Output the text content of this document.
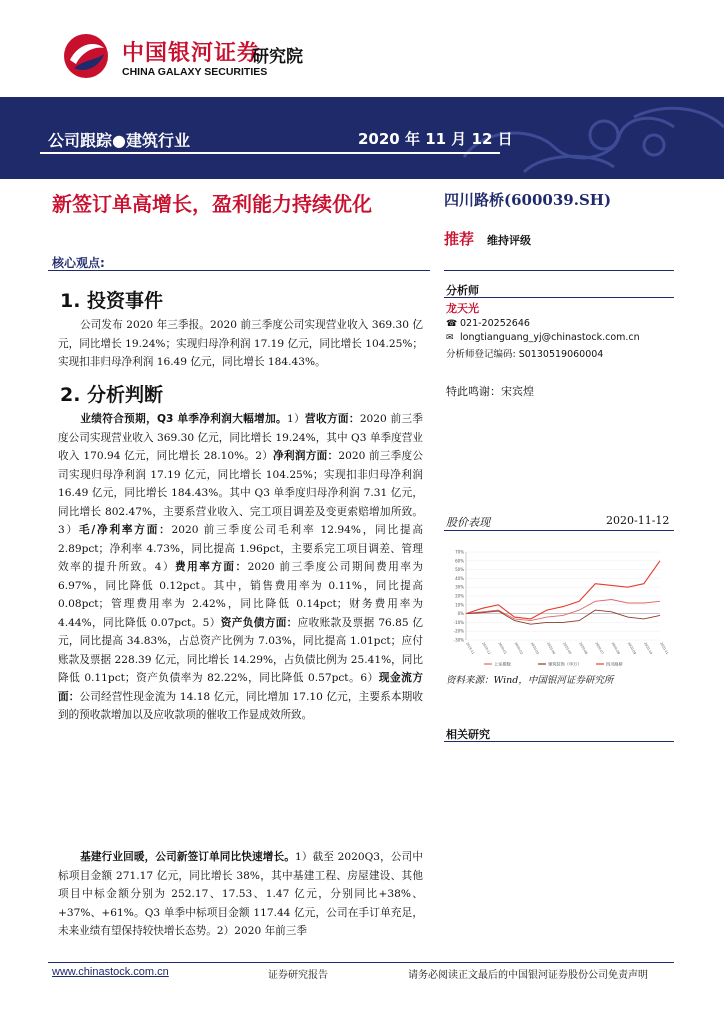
中国银河证券
CHINA GALAXY SECURITIES
研究院
公司跟踪●建筑行业	2020 年 11 月 12 日
新签订单高增长，盈利能力持续优化	四川路桥(600039.SH)
推荐 维持评级
核心观点:
1. 投资事件
公司发布 2020 年三季报。2020 前三季度公司实现营业收入 369.30 亿元，同比增长 19.24%；实现归母净利润 17.19 亿元，同比增长 104.25%；实现扣非归母净利润 16.49 亿元，同比增长 184.43%。
2. 分析判断
业绩符合预期，Q3 单季净利润大幅增加。1）营收方面：2020 前三季度公司实现营业收入 369.30 亿元，同比增长 19.24%，其中 Q3 单季度营业收入 170.94 亿元，同比增长 28.10%。2）净利润方面：2020 前三季度公司实现归母净利润 17.19 亿元，同比增长 104.25%；实现扣非归母净利润 16.49 亿元，同比增长 184.43%。其中 Q3 单季度归母净利润 7.31 亿元，同比增长 802.47%，主要系营业收入、完工项目调差及变更索赔增加所致。3）毛/净利率方面：2020 前三季度公司毛利率 12.94%，同比提高 2.89pct；净利率 4.73%，同比提高 1.96pct，主要系完工项目调差、管理效率的提升所致。4）费用率方面：2020 前三季度公司期间费用率为 6.97%，同比降低 0.12pct。其中，销售费用率为 0.11%，同比提高 0.08pct；管理费用率为 2.42%，同比降低 0.14pct；财务费用率为 4.44%，同比降低 0.07pct。5）资产负债方面：应收账款及票据 76.85 亿元，同比提高 34.83%，占总资产比例为 7.03%，同比提高 1.01pct；应付账款及票据 228.39 亿元，同比增长 14.29%，占负债比例为 25.41%，同比降低 0.11pct；资产负债率为 82.22%，同比降低 0.57pct。6）现金流方面：公司经营性现金流为 14.18 亿元，同比增加 17.10 亿元，主要系本期收到的预收款增加以及应收款项的催收工作显成效所致。
基建行业回暖，公司新签订单同比快速增长。1）截至 2020Q3，公司中标项目金额 271.17 亿元，同比增长 38%，其中基建工程、房屋建设、其他项目中标金额分别为 252.17、17.53、1.47 亿元，分别同比+38%、+37%、+61%。Q3 单季中标项目金额 117.44 亿元，公司在手订单充足，未来业绩有望保持较快增长态势。2）2020 年前三季
分析师
龙天光
☎ 021-20252646
✉ longtianguang_yj@chinastock.com.cn
分析师登记编码: S0130519060004
特此鸣谢：宋宾煌
股价表现	2020-11-12
70%
60%
50%
40%
30%
20%
10%
0%
-10%
-20%
-30%
2019-11 2019-12 2020-01 2020-02 2020-03 2020-04 2020-05 2020-06 2020-07 2020-08 2020-09 2020-10 2020-11
上证指数	建筑装饰（申万）	四川路桥
资料来源：Wind，中国银河证券研究所
相关研究
www.chinastock.com.cn	证券研究报告	请务必阅读正文最后的中国银河证券股份公司免责声明
